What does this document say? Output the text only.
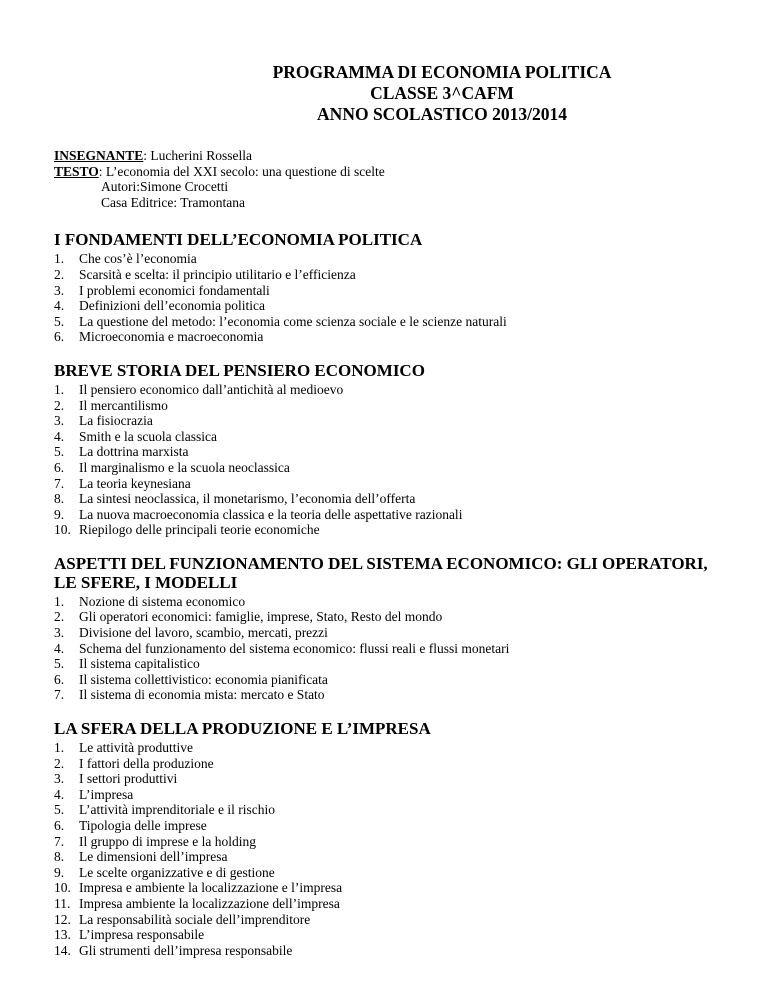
PROGRAMMA DI ECONOMIA POLITICA

CLASSE 3^CAFM

ANNO SCOLASTICO 2013/2014

INSEGNANTE: Lucherini Rossella

TESTO: L’economia del XXI secolo: una questione di scelte

Autori:Simone Crocetti

Casa Editrice: Tramontana

I FONDAMENTI DELL’ECONOMIA POLITICA
1.	Che cos’è l’economia
2.	Scarsità e scelta: il principio utilitario e l’efficienza
3.	I problemi economici fondamentali
4.	Definizioni dell’economia politica
5.	La questione del metodo: l’economia come scienza sociale e le scienze naturali
6.	Microeconomia e macroeconomia
BREVE STORIA DEL PENSIERO ECONOMICO
1.	Il pensiero economico dall’antichità al medioevo
2.	Il mercantilismo
3.	La fisiocrazia
4.	Smith e la scuola classica
5.	La dottrina marxista
6.	Il marginalismo e la scuola neoclassica
7.	La teoria keynesiana
8.	La sintesi neoclassica, il monetarismo, l’economia dell’offerta
9.	La nuova macroeconomia classica e la teoria delle aspettative razionali
10. Riepilogo delle principali teorie economiche
ASPETTI DEL FUNZIONAMENTO DEL SISTEMA ECONOMICO: GLI OPERATORI, LE SFERE, I MODELLI
1.	Nozione di sistema economico
2.	Gli operatori economici: famiglie, imprese, Stato, Resto del mondo
3.	Divisione del lavoro, scambio, mercati, prezzi
4.	Schema del funzionamento del sistema economico: flussi reali e flussi monetari
5.	Il sistema capitalistico
6.	Il sistema collettivistico: economia pianificata
7.	Il sistema di economia mista: mercato e Stato
LA SFERA DELLA PRODUZIONE E L’IMPRESA
1.	Le attività produttive
2.	I fattori della produzione
3.	I settori produttivi
4.	L’impresa
5.	L’attività imprenditoriale e il rischio
6.	Tipologia delle imprese
7.	Il gruppo di imprese e la holding
8.	Le dimensioni dell’impresa
9.	Le scelte organizzative e di gestione
10. Impresa e ambiente la localizzazione e l’impresa
11. Impresa ambiente la localizzazione dell’impresa
12. La responsabilità sociale dell’imprenditore
13. L’impresa responsabile
14. Gli strumenti dell’impresa responsabile
